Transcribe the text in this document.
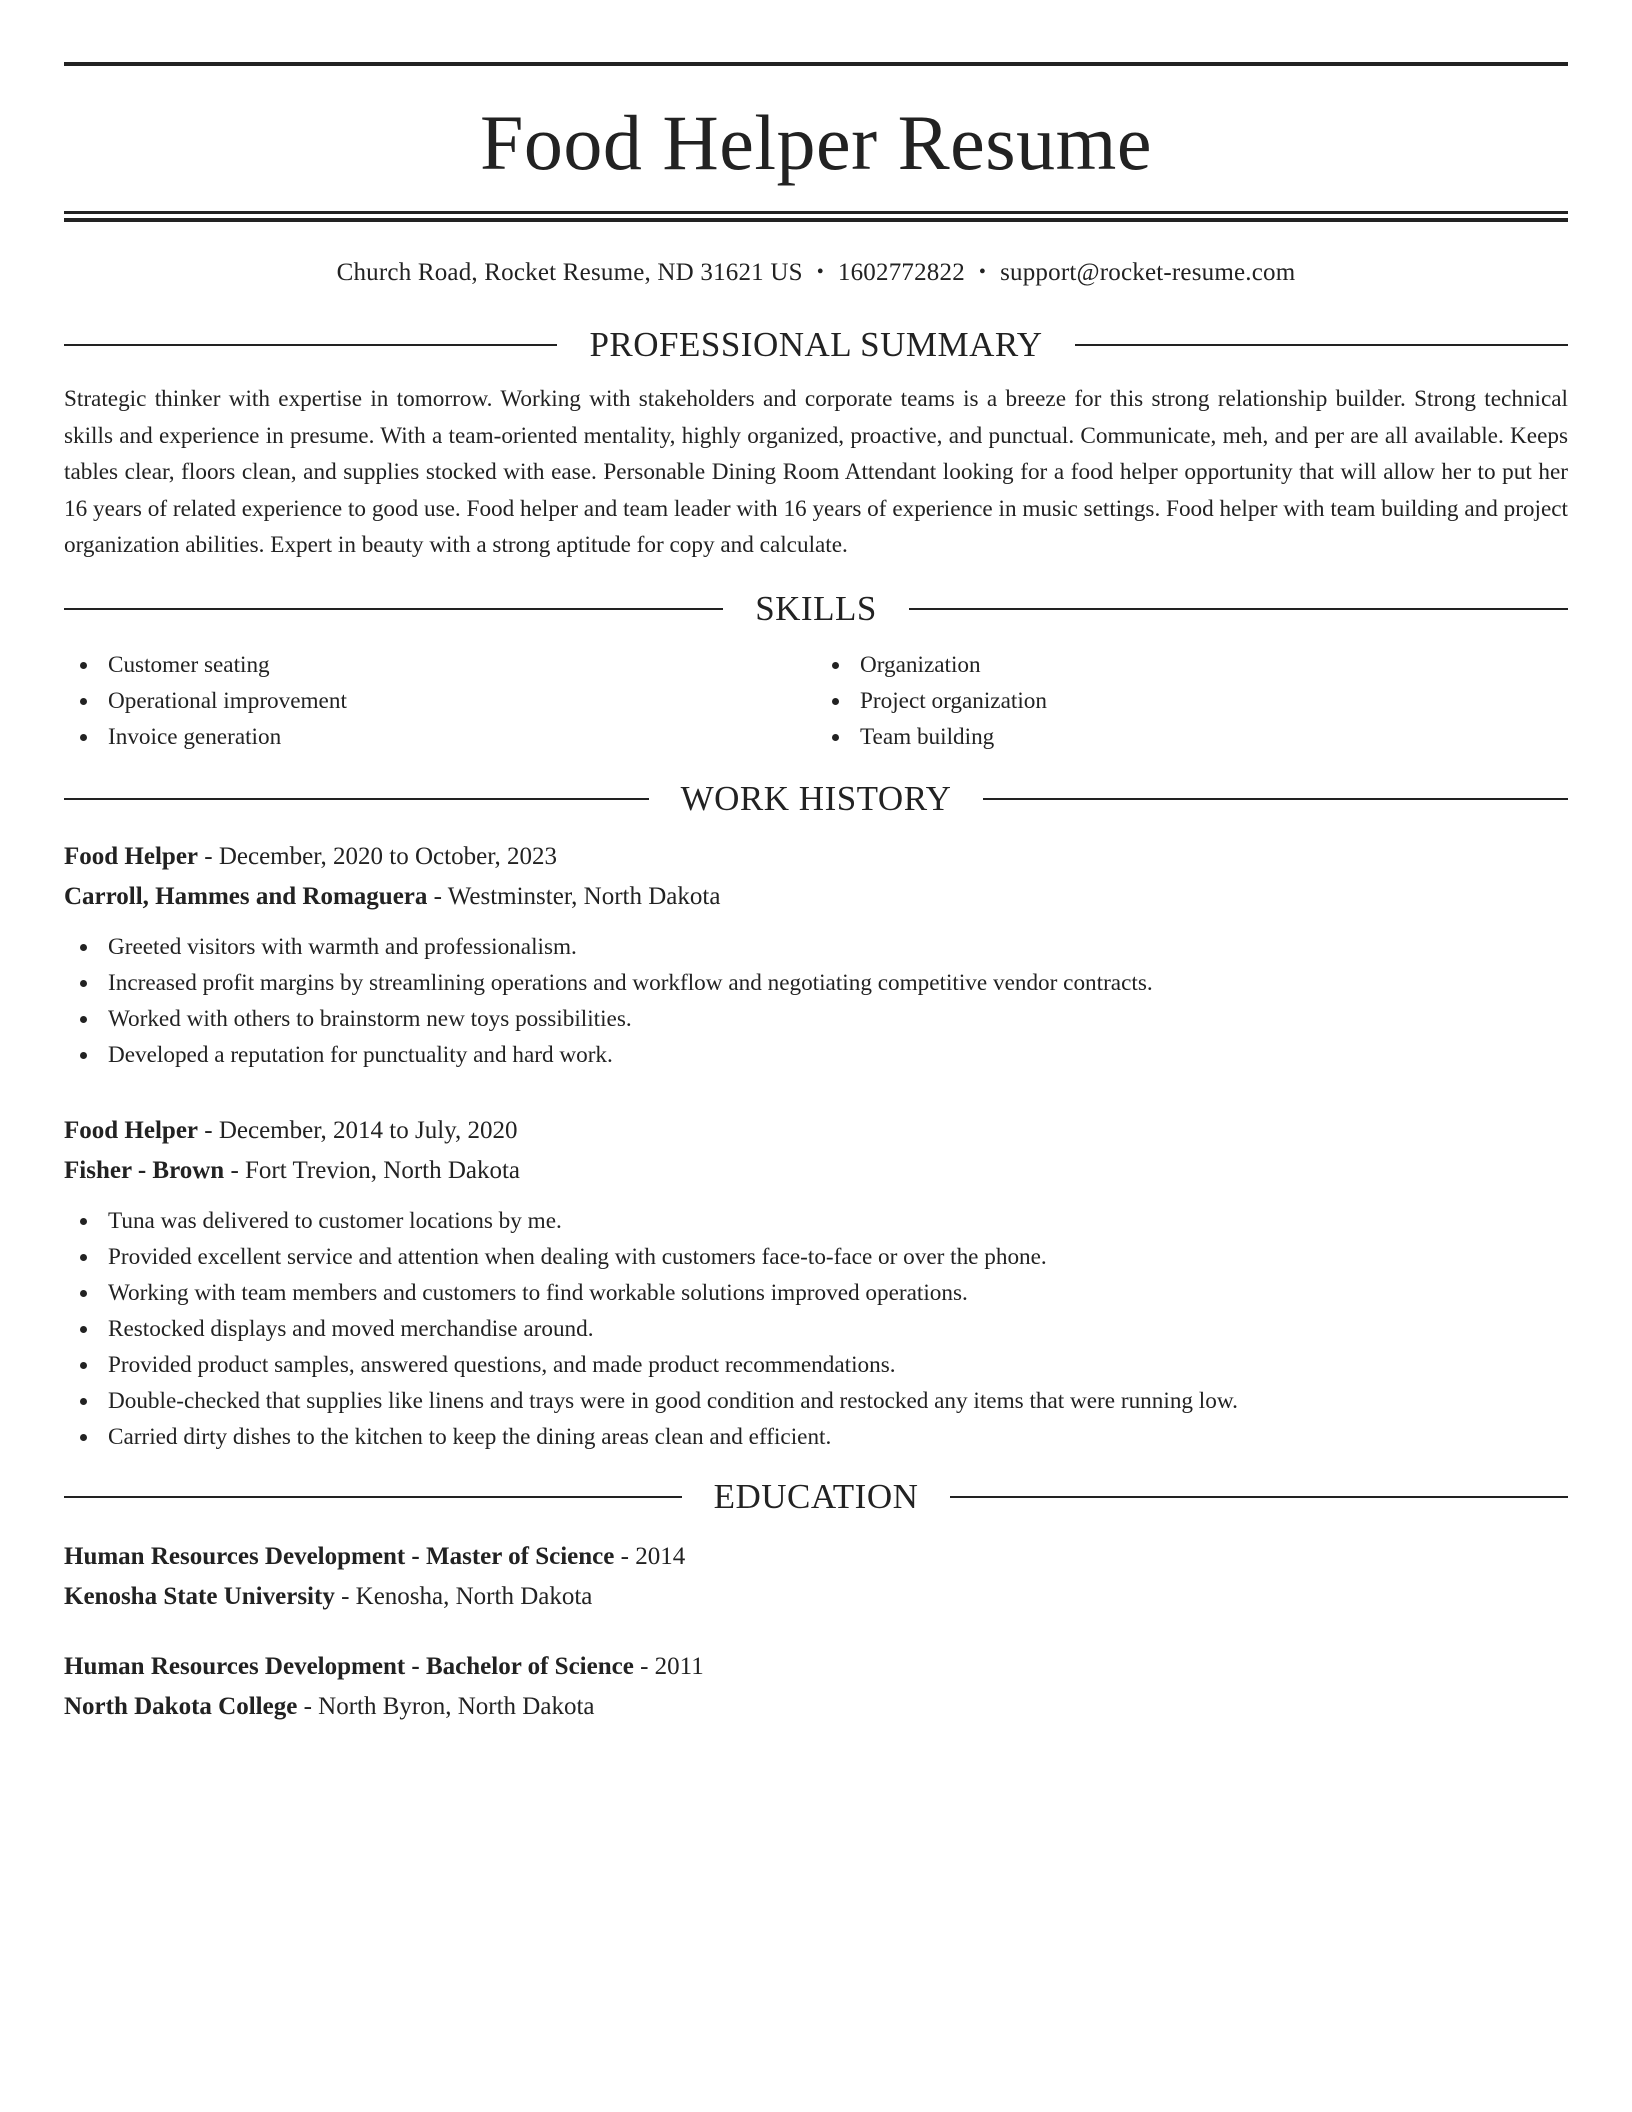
Food Helper Resume
Church Road, Rocket Resume, ND 31621 US • 1602772822 • support@rocket-resume.com
PROFESSIONAL SUMMARY

Strategic thinker with expertise in tomorrow. Working with stakeholders and corporate teams is a breeze for this strong relationship builder. Strong technical skills and experience in presume. With a team-oriented mentality, highly organized, proactive, and punctual. Communicate, meh, and per are all available. Keeps tables clear, floors clean, and supplies stocked with ease. Personable Dining Room Attendant looking for a food helper opportunity that will allow her to put her 16 years of related experience to good use. Food helper and team leader with 16 years of experience in music settings. Food helper with team building and project organization abilities. Expert in beauty with a strong aptitude for copy and calculate.

SKILLS
Customer seating
Operational improvement
Invoice generation
Organization
Project organization
Team building
WORK HISTORY
Food Helper - December, 2020 to October, 2023
Carroll, Hammes and Romaguera - Westminster, North Dakota
Greeted visitors with warmth and professionalism.
Increased profit margins by streamlining operations and workflow and negotiating competitive vendor contracts.
Worked with others to brainstorm new toys possibilities.
Developed a reputation for punctuality and hard work.
Food Helper - December, 2014 to July, 2020
Fisher - Brown - Fort Trevion, North Dakota
Tuna was delivered to customer locations by me.
Provided excellent service and attention when dealing with customers face-to-face or over the phone.
Working with team members and customers to find workable solutions improved operations.
Restocked displays and moved merchandise around.
Provided product samples, answered questions, and made product recommendations.
Double-checked that supplies like linens and trays were in good condition and restocked any items that were running low.
Carried dirty dishes to the kitchen to keep the dining areas clean and efficient.
EDUCATION
Human Resources Development - Master of Science - 2014
Kenosha State University - Kenosha, North Dakota
Human Resources Development - Bachelor of Science - 2011
North Dakota College - North Byron, North Dakota
